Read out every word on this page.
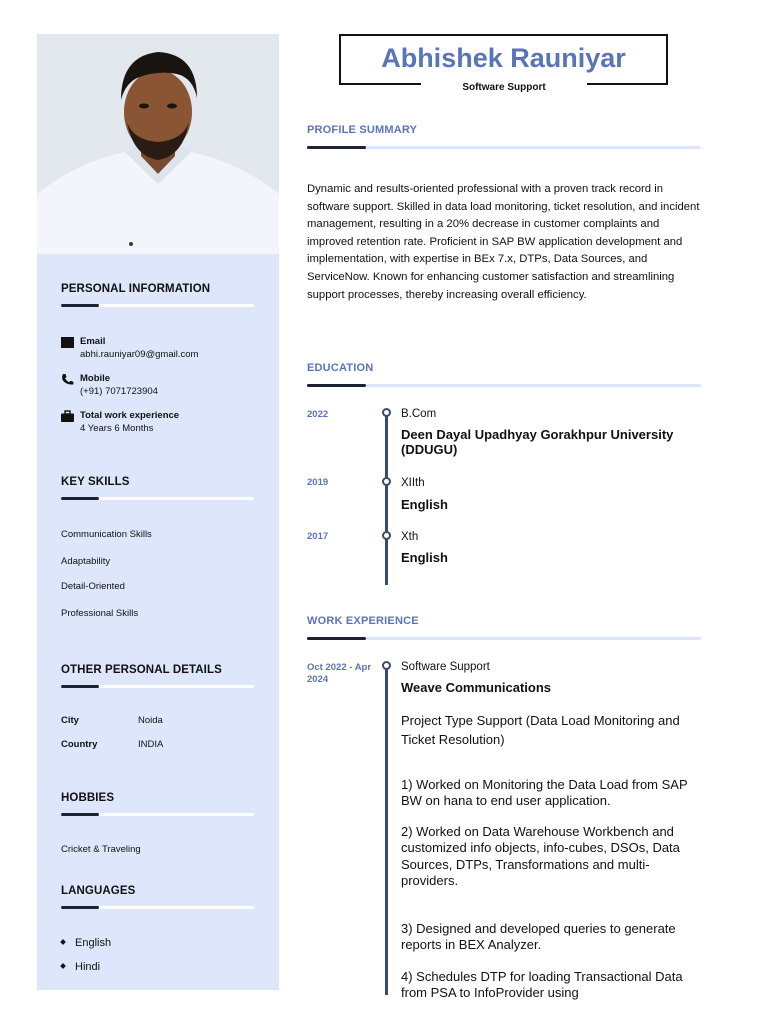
PERSONAL INFORMATION
Email
abhi.rauniyar09@gmail.com
Mobile
(+91) 7071723904
Total work experience
4 Years 6 Months
KEY SKILLS
Communication Skills
Adaptability
Detail-Oriented
Professional Skills
OTHER PERSONAL DETAILS
City	Noida
Country	INDIA
HOBBIES
Cricket & Traveling
LANGUAGES
English
Hindi
Abhishek Rauniyar
Software Support
PROFILE SUMMARY
Dynamic and results-oriented professional with a proven track record in software support. Skilled in data load monitoring, ticket resolution, and incident management, resulting in a 20% decrease in customer complaints and improved retention rate. Proficient in SAP BW application development and implementation, with expertise in BEx 7.x, DTPs, Data Sources, and ServiceNow. Known for enhancing customer satisfaction and streamlining support processes, thereby increasing overall efficiency.
EDUCATION
2022	B.Com
Deen Dayal Upadhyay Gorakhpur University (DDUGU)
2019	XIIth
English
2017	Xth
English
WORK EXPERIENCE
Oct 2022 - Apr 2024
Software Support
Weave Communications
Project Type Support (Data Load Monitoring and Ticket Resolution)
1) Worked on Monitoring the Data Load from SAP BW on hana to end user application.
2) Worked on Data Warehouse Workbench and customized info objects, info-cubes, DSOs, Data
Sources, DTPs, Transformations and multi-providers.
3) Designed and developed queries to generate reports in BEX Analyzer.
4) Schedules DTP for loading Transactional Data from PSA to InfoProvider using
